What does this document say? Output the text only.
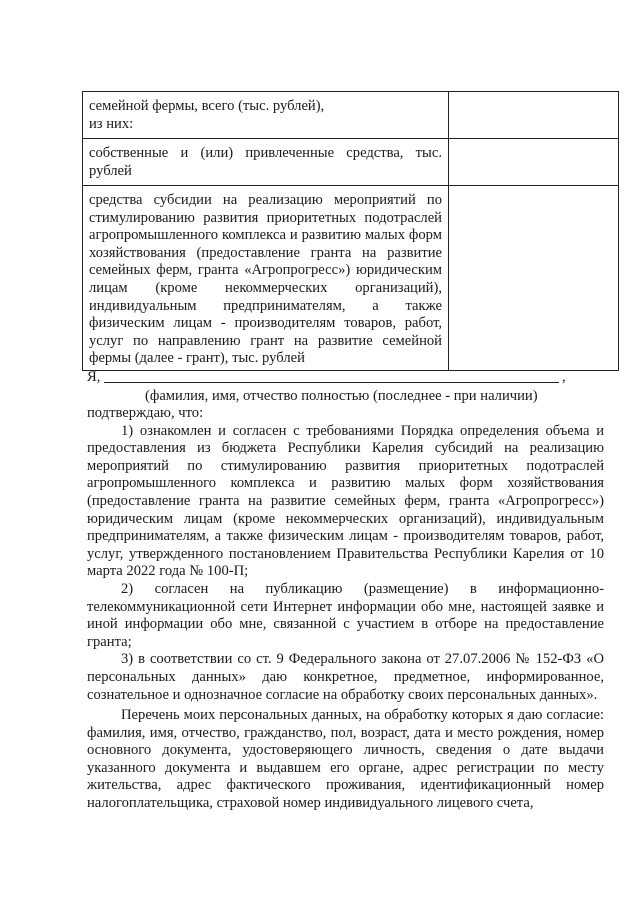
семейной фермы, всего (тыс. рублей),
из них:	

собственные и (или) привлеченные средства, тыс. рублей	

средства субсидии на реализацию мероприятий по стимулированию развития приоритетных подотраслей агропромышленного комплекса и развитию малых форм хозяйствования (предоставление гранта на развитие семейных ферм, гранта «Агропрогресс») юридическим лицам (кроме некоммерческих организаций), индивидуальным предпринимателям, а также физическим лицам - производителям товаров, работ, услуг по направлению грант на развитие семейной фермы (далее - грант), тыс. рублей	

Я,	,
(фамилия, имя, отчество полностью (последнее - при наличии)

подтверждаю, что:

1) ознакомлен и согласен с требованиями Порядка определения объема и предоставления из бюджета Республики Карелия субсидий на реализацию мероприятий по стимулированию развития приоритетных подотраслей агропромышленного комплекса и развитию малых форм хозяйствования (предоставление гранта на развитие семейных ферм, гранта «Агропрогресс») юридическим лицам (кроме некоммерческих организаций), индивидуальным предпринимателям, а также физическим лицам - производителям товаров, работ, услуг, утвержденного постановлением Правительства Республики Карелия от 10 марта 2022 года № 100-П;

2) согласен на публикацию (размещение) в информационно-телекоммуникационной сети Интернет информации обо мне, настоящей заявке и иной информации обо мне, связанной с участием в отборе на предоставление гранта;

3) в соответствии со ст. 9 Федерального закона от 27.07.2006 № 152-ФЗ «О персональных данных» даю конкретное, предметное, информированное, сознательное и однозначное согласие на обработку своих персональных данных».

Перечень моих персональных данных, на обработку которых я даю согласие: фамилия, имя, отчество, гражданство, пол, возраст, дата и место рождения, номер основного документа, удостоверяющего личность, сведения о дате выдачи указанного документа и выдавшем его органе, адрес регистрации по месту жительства, адрес фактического проживания, идентификационный номер налогоплательщика, страховой номер индивидуального лицевого счета,
